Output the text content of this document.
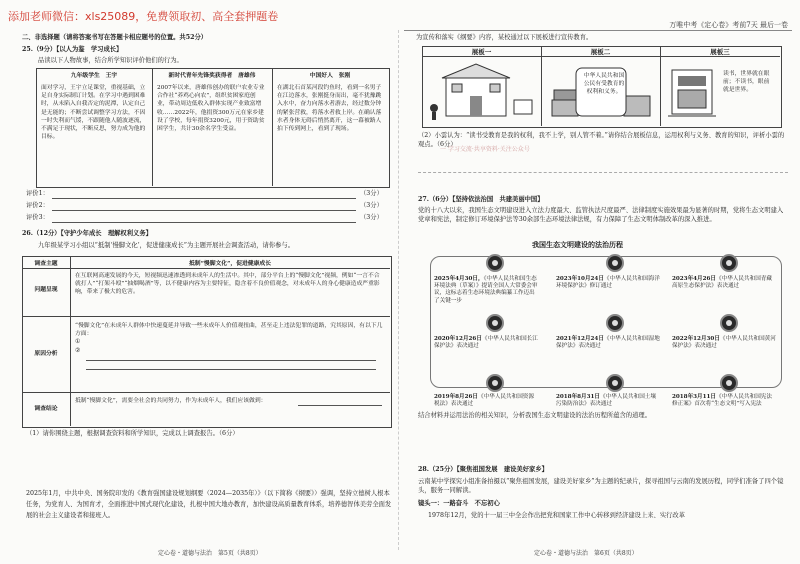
添加老师微信：xls25089，免费领取初、高全套押题卷
万唯中考《定心卷》考前7天 最后一卷
二、非选择题（请将答案书写在答题卡相应题号的位置。共52分）
25.（9分）【以人为鉴　学习成长】
品读以下人物故事，结合所学知识评价他们的行为。
九年级学生　王宇
面对学习，王宇立足课堂，重视基础，立足自身实际制订计划。在学习中遇到困难时，从未陷入自我否定的泥潭，认定自己是无能的；不断尝试调整学习方法，不因一时失利而气馁，不跟随他人随波逐流，不满足于现状，不断反思，努力成为他的目标。
新时代青年先锋奖获得者　唐雄伟
2007年以来，唐雄伟创办的联户农业专业合作社“养鸡心向农”，组织贫困家庭创业，带动周边低收入群体实现产业致富增收……2022年，他捐资300万元在家乡建设了学校，每年捐资3200元，用于资助贫困学生，共计30余名学生受益。
中国好人　张刚
在湖北石首某河段钓鱼时，看到一名男子在江边落水，张刚挺身而出，毫不犹豫跳入水中，奋力向落水者游去，经过数分钟的紧张营救，将落水者救上岸。在确认落水者身体无碍后悄然离开，这一幕被路人拍下传到网上，看到了现场。
评价1：	（3分）
评价2：	（3分）
评价3：	（3分）
26.（12分）【守护少年成长　理解权利义务】
九年级某学习小组以“抵制‘慢脚文化’，促进健康成长”为主题开展社会调查活动，请你参与。
调查主题	抵制“慢脚文化”，促进健康成长
问题呈现
在互联网高速发展的今天，短视频迅速渗透到未成年人的生活中。其中，部分平台上的“慢脚文化”视频，例如“一言不合就打人”“打架斗殴”“抽烟喝酒”等，以不健康内容为主要特征，隐含着不良价值观念，对未成年人的身心健康造成严重影响，带来了极大的危害。
原因分析
“慢脚文化”在未成年人群体中快速蔓延并导致一些未成年人价值观扭曲，甚至走上违法犯罪的道路，究其原因，有以下几方面：
①
②
调查结论
抵制“慢脚文化”，需要全社会的共同努力，作为未成年人，我们应该做到：
（1）请你围绕主题，根据调查资料和所学知识，完成以上调查报告。（6分）
2025年1月，中共中央、国务院印发的《教育强国建设规划纲要（2024—2035年）》（以下简称《纲要》）强调，坚持立德树人根本任务，为党育人、为国育才，全面推进中国式现代化建设，扎根中国大地办教育，加快建设高质量教育体系，培养德智体美劳全面发展的社会主义建设者和接班人。
定心卷・道德与法治　第5页（共8页）
为宣传和落实《纲要》内容，某校通过以下展板进行宣传教育。
展板一	展板二	展板三
中华人民共和国公民有受教育的权利和义务。
读书，世界就在眼前；不读书，眼前就是世界。
（2）小雲认为：“读书受教育是我的权利，我不上学，别人管不着。”请你结合展板信息，运用权利与义务、教育的知识，评析小雲的观点。（6分）
27.（6分）【坚持依法治国　共建美丽中国】
党的十八大以来，我国生态文明建设进入立法力度最大、监管执法尺度最严、法律制度实施效果最为显著的时期，党将生态文明建入党章和宪法，制定修订环境保护法等30余部生态环境法律法规，有力保障了生态文明体制改革的深入推进。
我国生态文明建设的法治历程
2025年4月30日，《中华人民共和国生态环境法典（草案）》提请全国人大常委会审议，这标志着生态环境法典编纂工作迈出了关键一步
2023年10月24日《中华人民共和国海洋环境保护法》修订通过
2023年4月26日《中华人民共和国青藏高原生态保护法》表决通过
2020年12月26日《中华人民共和国长江保护法》表决通过
2021年12月24日《中华人民共和国湿地保护法》表决通过
2022年12月30日《中华人民共和国黄河保护法》表决通过
2019年8月26日《中华人民共和国资源税法》表决通过
2018年8月31日《中华人民共和国土壤污染防治法》表决通过
2018年3月11日《中华人民共和国宪法修正案》首次将“生态文明”写入宪法
结合材料并运用法治的相关知识，分析我国生态文明建设的法治历程所蕴含的道理。
28.（25分）【聚焦祖国发展　建设美好家乡】
云南某中学探究小组准备拍摄以“聚焦祖国发展，建设美好家乡”为主题的纪录片，探寻祖国与云南的发展历程，同学们准备了四个镜头，服务一同解读。
镜头一：一路奋斗　不忘初心
1978年12月，党的十一届三中全会作出把党和国家工作中心转移到经济建设上来、实行改革
定心卷・道德与法治　第6页（共8页）
一 学习交流·共享资料·关注公众号
